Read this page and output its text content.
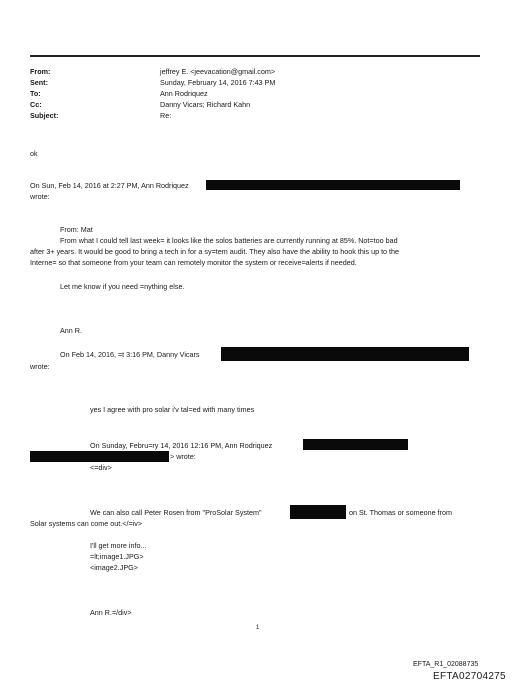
From:
Sent:
To:
Cc:
Subject:
jeffrey E. <jeevacation@gmail.com>
Sunday, February 14, 2016 7:43 PM
Ann Rodriquez
Danny Vicars; Richard Kahn
Re:
ok
On Sun, Feb 14, 2016 at 2:27 PM, Ann Rodriquez
wrote:
From: Mat
From what I could tell last week= it looks like the solos batteries are currently running at 85%. Not=too bad
after 3+ years. It would be good to bring a tech in for a sy=tem audit. They also have the ability to hook this up to the
Interne= so that someone from your team can remotely monitor the system or receive=alerts if needed.
Let me know if you need =nything else.
Ann R.
On Feb 14, 2016, =t 3:16 PM, Danny Vicars
wrote:
yes I agree with pro solar i'v tal=ed with many times
On Sunday, Febru=ry 14, 2016 12:16 PM, Ann Rodriquez
> wrote:
<=div>
We can also call Peter Rosen from "ProSolar System"	on St. Thomas or someone from
Solar systems can come out.</=iv>
I'll get more info...
=lt;image1.JPG>
<image2.JPG>
Ann R.=/div>
1
EFTA_R1_02088735
EFTA02704275
